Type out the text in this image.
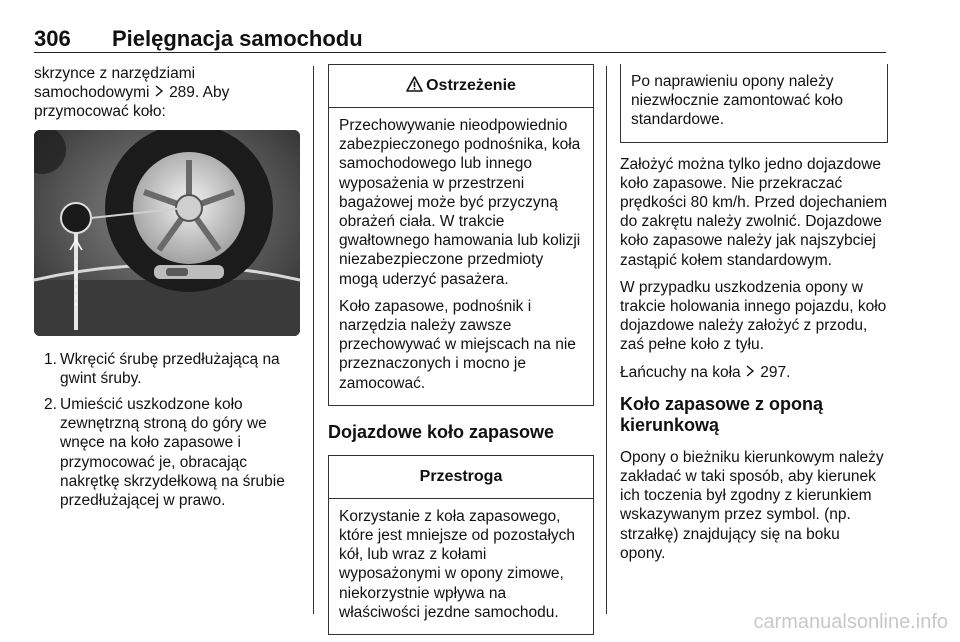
306 Pielęgnacja samochodu

skrzynce z narzędziami samochodowymi 289. Aby przymocować koło:

1. Wkręcić śrubę przedłużającą na gwint śruby.
2. Umieścić uszkodzone koło zewnętrzną stroną do góry we wnęce na koło zapasowe i przymocować je, obracając nakrętkę skrzydełkową na śrubie przedłużającej w prawo.
Ostrzeżenie

Przechowywanie nieodpowiednio zabezpieczonego podnośnika, koła samochodowego lub innego wyposażenia w przestrzeni bagażowej może być przyczyną obrażeń ciała. W trakcie gwałtownego hamowania lub kolizji niezabezpieczone przedmioty mogą uderzyć pasażera.

Koło zapasowe, podnośnik i narzędzia należy zawsze przechowywać w miejscach na nie przeznaczonych i mocno je zamocować.

Dojazdowe koło zapasowe
Przestroga

Korzystanie z koła zapasowego, które jest mniejsze od pozostałych kół, lub wraz z kołami wyposażonymi w opony zimowe, niekorzystnie wpływa na właściwości jezdne samochodu.

Po naprawieniu opony należy niezwłocznie zamontować koło standardowe.

Założyć można tylko jedno dojazdowe koło zapasowe. Nie przekraczać prędkości 80 km/h. Przed dojechaniem do zakrętu należy zwolnić. Dojazdowe koło zapasowe należy jak najszybciej zastąpić kołem standardowym.

W przypadku uszkodzenia opony w trakcie holowania innego pojazdu, koło dojazdowe należy założyć z przodu, zaś pełne koło z tyłu.

Łańcuchy na koła 297.

Koło zapasowe z oponą kierunkową

Opony o bieżniku kierunkowym należy zakładać w taki sposób, aby kierunek ich toczenia był zgodny z kierunkiem wskazywanym przez symbol. (np. strzałkę) znajdujący się na boku opony.

carmanualsonline.info
